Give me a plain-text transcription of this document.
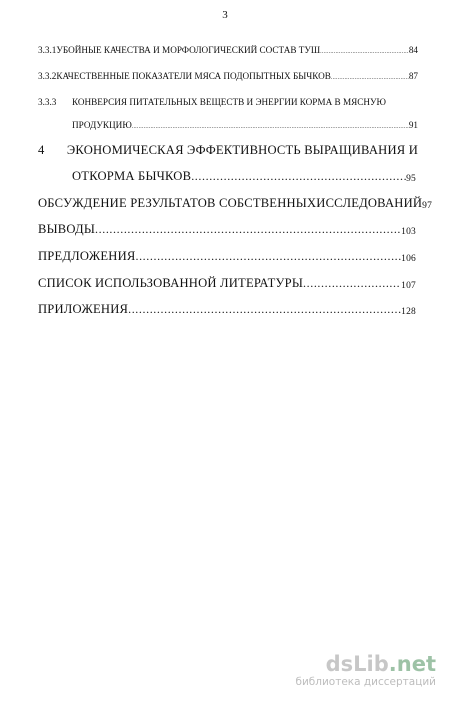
3
3.3.1 УБОЙНЫЕ КАЧЕСТВА И МОРФОЛОГИЧЕСКИЙ СОСТАВ ТУШ .....	84
3.3.2 КАЧЕСТВЕННЫЕ ПОКАЗАТЕЛИ МЯСА ПОДОПЫТНЫХ БЫЧКОВ .....	87
3.3.3	КОНВЕРСИЯ ПИТАТЕЛЬНЫХ ВЕЩЕСТВ И ЭНЕРГИИ КОРМА В МЯСНУЮ
ПРОДУКЦИЮ .....	91
4	ЭКОНОМИЧЕСКАЯ ЭФФЕКТИВНОСТЬ ВЫРАЩИВАНИЯ И
ОТКОРМА БЫЧКОВ .....	95
ОБСУЖДЕНИЕ РЕЗУЛЬТАТОВ СОБСТВЕННЫХИССЛЕДОВАНИЙ 97
ВЫВОДЫ .....	103
ПРЕДЛОЖЕНИЯ .....	106
СПИСОК ИСПОЛЬЗОВАННОЙ ЛИТЕРАТУРЫ .....	107
ПРИЛОЖЕНИЯ .....	128
dsLib.net
библиотека диссертаций
